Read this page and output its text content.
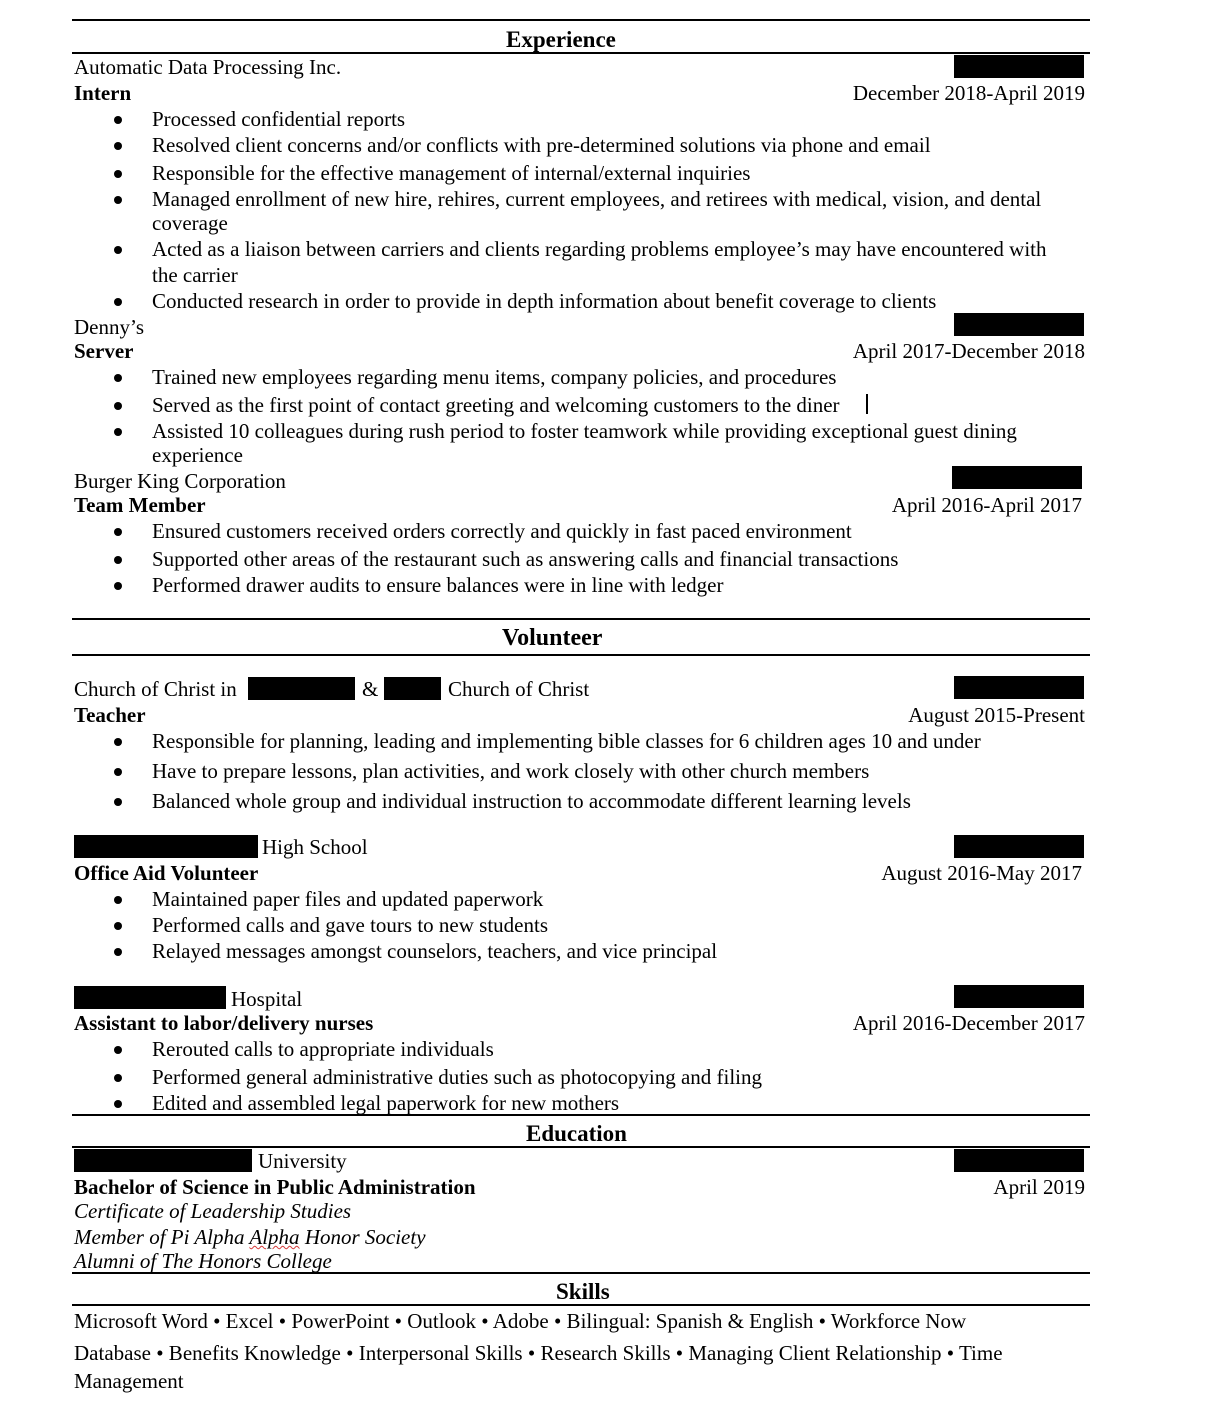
Experience
Automatic Data Processing Inc.
Intern	December 2018-April 2019
Processed confidential reports
Resolved client concerns and/or conflicts with pre-determined solutions via phone and email
Responsible for the effective management of internal/external inquiries
Managed enrollment of new hire, rehires, current employees, and retirees with medical, vision, and dental
coverage
Acted as a liaison between carriers and clients regarding problems employee’s may have encountered with
the carrier
Conducted research in order to provide in depth information about benefit coverage to clients
Denny’s
Server	April 2017-December 2018
Trained new employees regarding menu items, company policies, and procedures
Served as the first point of contact greeting and welcoming customers to the diner
Assisted 10 colleagues during rush period to foster teamwork while providing exceptional guest dining
experience
Burger King Corporation
Team Member	April 2016-April 2017
Ensured customers received orders correctly and quickly in fast paced environment
Supported other areas of the restaurant such as answering calls and financial transactions
Performed drawer audits to ensure balances were in line with ledger
Volunteer
Church of Christ in	&	Church of Christ
Teacher	August 2015-Present
Responsible for planning, leading and implementing bible classes for 6 children ages 10 and under
Have to prepare lessons, plan activities, and work closely with other church members
Balanced whole group and individual instruction to accommodate different learning levels
High School
Office Aid Volunteer	August 2016-May 2017
Maintained paper files and updated paperwork
Performed calls and gave tours to new students
Relayed messages amongst counselors, teachers, and vice principal
Hospital
Assistant to labor/delivery nurses	April 2016-December 2017
Rerouted calls to appropriate individuals
Performed general administrative duties such as photocopying and filing
Edited and assembled legal paperwork for new mothers
Education
University
Bachelor of Science in Public Administration	April 2019
Certificate of Leadership Studies
Member of Pi Alpha Alpha Honor Society
Alumni of The Honors College
Skills
Microsoft Word • Excel • PowerPoint • Outlook • Adobe • Bilingual: Spanish & English • Workforce Now
Database • Benefits Knowledge • Interpersonal Skills • Research Skills • Managing Client Relationship • Time
Management
